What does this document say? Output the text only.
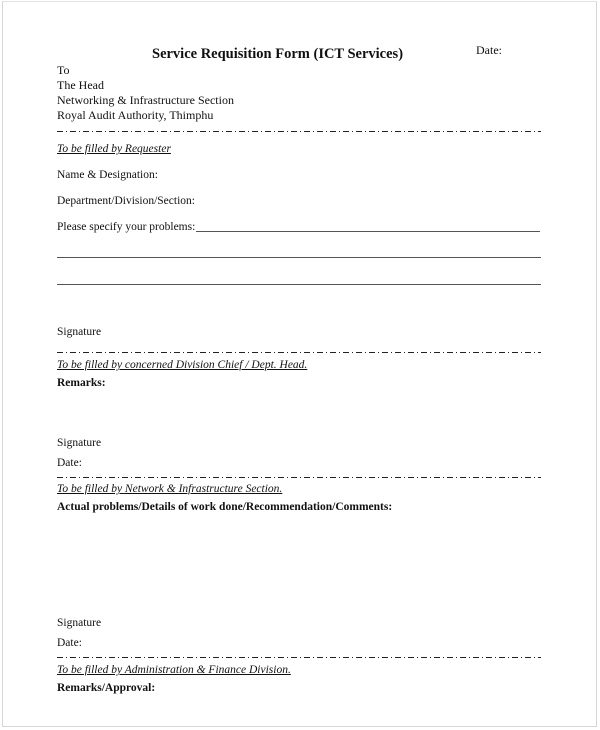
Service Requisition Form (ICT Services)	Date:
To
The Head
Networking & Infrastructure Section
Royal Audit Authority, Thimphu
To be filled by Requester
Name & Designation:
Department/Division/Section:
Please specify your problems:
Signature
To be filled by concerned Division Chief / Dept. Head.
Remarks:
Signature
Date:
To be filled by Network & Infrastructure Section.
Actual problems/Details of work done/Recommendation/Comments:
Signature
Date:
To be filled by Administration & Finance Division.
Remarks/Approval:
